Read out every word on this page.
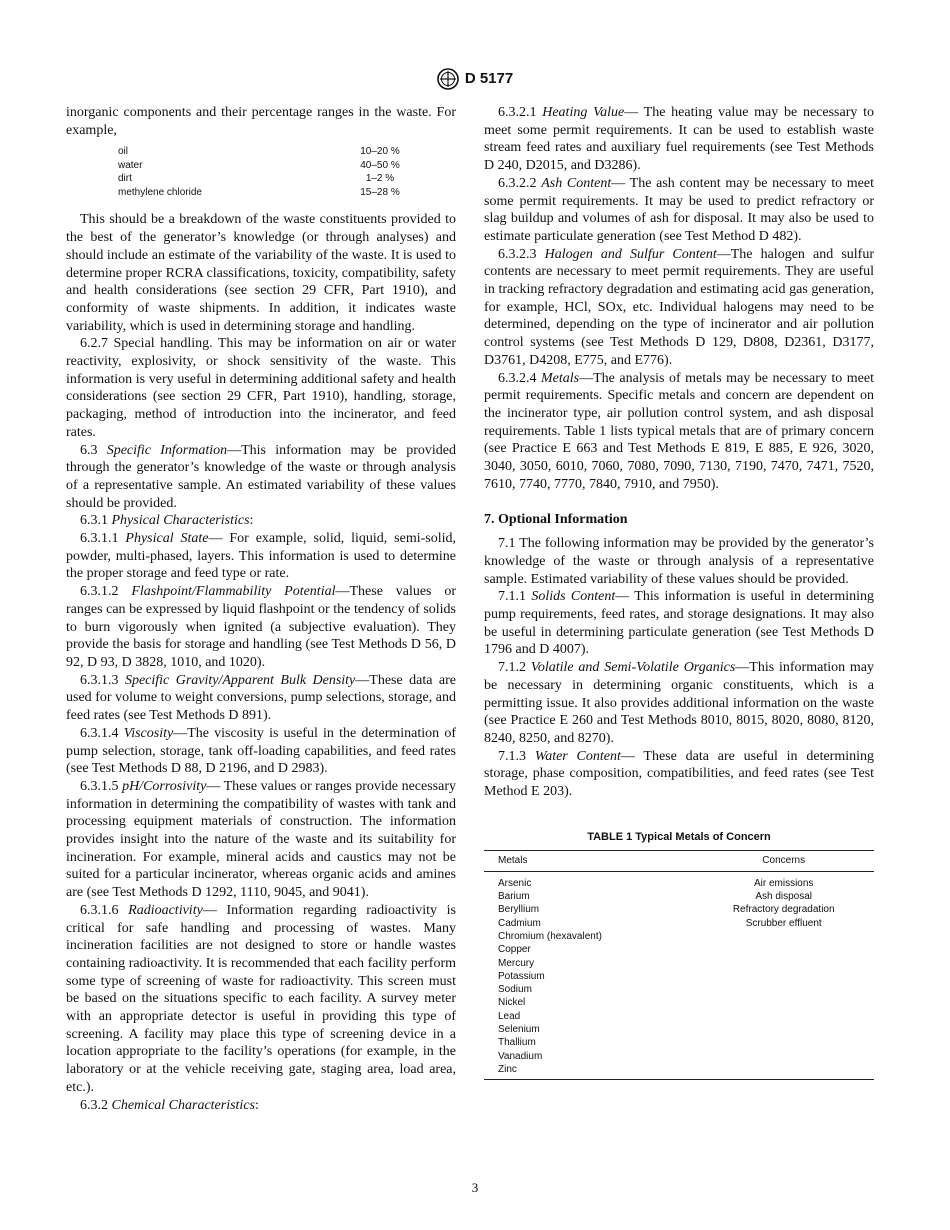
D 5177

inorganic components and their percentage ranges in the waste. For example,

oil	10–20 %
water	40–50 %
dirt	1–2 %
methylene chloride	15–28 %

This should be a breakdown of the waste constituents provided to the best of the generator’s knowledge (or through analyses) and should include an estimate of the variability of the waste. It is used to determine proper RCRA classifications, toxicity, compatibility, safety and health considerations (see section 29 CFR, Part 1910), and conformity of waste shipments. In addition, it indicates waste variability, which is used in determining storage and handling.

6.2.7 Special handling. This may be information on air or water reactivity, explosivity, or shock sensitivity of the waste. This information is very useful in determining additional safety and health considerations (see section 29 CFR, Part 1910), handling, storage, packaging, method of introduction into the incinerator, and feed rates.

6.3 Specific Information—This information may be provided through the generator’s knowledge of the waste or through analysis of a representative sample. An estimated variability of these values should be provided.

6.3.1 Physical Characteristics:

6.3.1.1 Physical State— For example, solid, liquid, semi-solid, powder, multi-phased, layers. This information is used to determine the proper storage and feed type or rate.

6.3.1.2 Flashpoint/Flammability Potential—These values or ranges can be expressed by liquid flashpoint or the tendency of solids to burn vigorously when ignited (a subjective evaluation). They provide the basis for storage and handling (see Test Methods D 56, D 92, D 93, D 3828, 1010, and 1020).

6.3.1.3 Specific Gravity/Apparent Bulk Density—These data are used for volume to weight conversions, pump selections, storage, and feed rates (see Test Methods D 891).

6.3.1.4 Viscosity—The viscosity is useful in the determination of pump selection, storage, tank off-loading capabilities, and feed rates (see Test Methods D 88, D 2196, and D 2983).

6.3.1.5 pH/Corrosivity— These values or ranges provide necessary information in determining the compatibility of wastes with tank and processing equipment materials of construction. The information provides insight into the nature of the waste and its suitability for incineration. For example, mineral acids and caustics may not be suited for a particular incinerator, whereas organic acids and amines are (see Test Methods D 1292, 1110, 9045, and 9041).

6.3.1.6 Radioactivity— Information regarding radioactivity is critical for safe handling and processing of wastes. Many incineration facilities are not designed to store or handle wastes containing radioactivity. It is recommended that each facility perform some type of screening of waste for radioactivity. This screen must be based on the situations specific to each facility. A survey meter with an appropriate detector is useful in providing this type of screening. A facility may place this type of screening device in a location appropriate to the facility’s operations (for example, in the laboratory or at the vehicle receiving gate, staging area, load area, etc.).

6.3.2 Chemical Characteristics:

6.3.2.1 Heating Value— The heating value may be necessary to meet some permit requirements. It can be used to establish waste stream feed rates and auxiliary fuel requirements (see Test Methods D 240, D2015, and D3286).

6.3.2.2 Ash Content— The ash content may be necessary to meet some permit requirements. It may be used to predict refractory or slag buildup and volumes of ash for disposal. It may also be used to estimate particulate generation (see Test Method D 482).

6.3.2.3 Halogen and Sulfur Content—The halogen and sulfur contents are necessary to meet permit requirements. They are useful in tracking refractory degradation and estimating acid gas generation, for example, HCl, SOx, etc. Individual halogens may need to be determined, depending on the type of incinerator and air pollution control systems (see Test Methods D 129, D808, D2361, D3177, D3761, D4208, E775, and E776).

6.3.2.4 Metals—The analysis of metals may be necessary to meet permit requirements. Specific metals and concern are dependent on the incinerator type, air pollution control system, and ash disposal requirements. Table 1 lists typical metals that are of primary concern (see Practice E 663 and Test Methods E 819, E 885, E 926, 3020, 3040, 3050, 6010, 7060, 7080, 7090, 7130, 7190, 7470, 7471, 7520, 7610, 7740, 7770, 7840, 7910, and 7950).

7. Optional Information

7.1 The following information may be provided by the generator’s knowledge of the waste or through analysis of a representative sample. Estimated variability of these values should be provided.

7.1.1 Solids Content— This information is useful in determining pump requirements, feed rates, and storage designations. It may also be useful in determining particulate generation (see Test Methods D 1796 and D 4007).

7.1.2 Volatile and Semi-Volatile Organics—This information may be necessary in determining organic constituents, which is a permitting issue. It also provides additional information on the waste (see Practice E 260 and Test Methods 8010, 8015, 8020, 8080, 8120, 8240, 8250, and 8270).

7.1.3 Water Content— These data are useful in determining storage, phase composition, compatibilities, and feed rates (see Test Method E 203).

TABLE 1 Typical Metals of Concern
Metals	Concerns
Arsenic	Air emissions
Barium	Ash disposal
Beryllium	Refractory degradation
Cadmium	Scrubber effluent
Chromium (hexavalent)	
Copper	
Mercury	
Potassium	
Sodium	
Nickel	
Lead	
Selenium	
Thallium	
Vanadium	
Zinc	
3
